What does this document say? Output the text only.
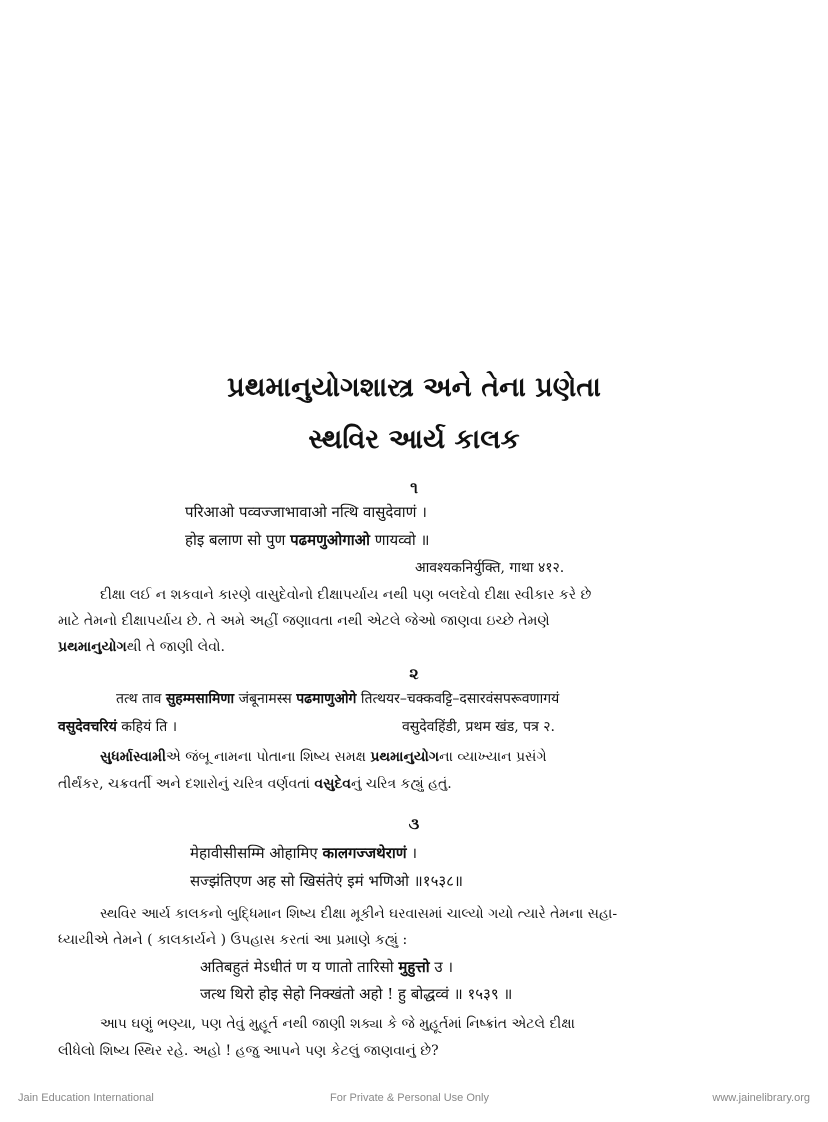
પ્રથમાનુયોગશાસ્ત્ર અને તેના પ્રણેતા
સ્થવિર આર્ય કાલક
૧
परिआओ पव्वज्जाभावाओ नत्थि वासुदेवाणं ।
होइ बलाण सो पुण पढमणुओगाओ णायव्वो ॥
आवश्यकनिर्युक्ति, गाथा ४१२.
દીક્ષા લઈ ન શકવાને કારણે વાસુદેવોનો દીક્ષાપર્યાય નથી પણ બલદેવો દીક્ષા સ્વીકાર કરે છે
માટે તેમનો દીક્ષાપર્યાય છે. તે અમે અહીં જણાવતા નથી એટલે જેઓ જાણવા ઇચ્છે તેમણે
પ્રથમાનુયોગથી તે જાણી લેવો.
૨
तत्थ ताव सुहम्मसामिणा जंबूनामस्स पढमाणुओगे तित्थयर–चक्कवट्टि–दसारवंसपरूवणागयं
वसुदेवचरियं कहियं ति ।	वसुदेवहिंडी, प्रथम खंड, पत्र २.
સુધર્માસ્વામીએ જંબૂ નામના પોતાના શિષ્ય સમક્ષ પ્રથમાનુયોગના વ્યાખ્યાન પ્રસંગે
તીર્થંકર, ચક્રવર્તી અને દશારોનું ચરિત્ર વર્ણવતાં વસુદેવનું ચરિત્ર કહ્યું હતું.
૩
मेहावीसीसम्मि ओहामिए कालगज्जथेराणं ।
सज्झंतिएण अह सो खिसंतेएं इमं भणिओ ॥१५३८॥
સ્થવિર આર્ય કાલકનો બુદ્ધિમાન શિષ્ય દીક્ષા મૂકીને ઘરવાસમાં ચાલ્યો ગયો ત્યારે તેમના સહા-
ધ્યાયીએ તેમને ( કાલકાર્યને ) ઉપહાસ કરતાં આ પ્રમાણે કહ્યું :
अतिबहुतं मेऽधीतं ण य णातो तारिसो मुहुत्तो उ ।
जत्थ थिरो होइ सेहो निक्खंतो अहो ! हु बोद्धव्वं ॥ १५३९ ॥
આપ ઘણું ભણ્યા, પણ તેવું મુહૂર્ત નથી જાણી શક્યા કે જે મુહૂર્તમાં નિષ્ક્રાંત એટલે દીક્ષા
લીધેલો શિષ્ય સ્થિર રહે. અહો ! હજુ આપને પણ કેટલું જાણવાનું છે?
Jain Education International	For Private & Personal Use Only	www.jainelibrary.org
